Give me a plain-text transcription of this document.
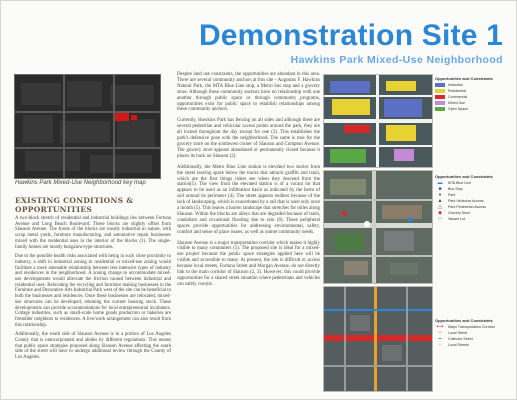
Demonstration Site 1
Hawkins Park Mixed-Use Neighborhood
Hawkins Park Mixed-Use Neighborhood key map
EXISTING CONDITIONS & OPPORTUNITIES

A two-block stretch of residential and industrial buildings lies between Fortuna Avenue and Long Beach Boulevard. These blocks are slightly offset from Slauson Avenue. The fronts of the blocks are mostly industrial in nature, with scrap metal yards, furniture manufacturing, and automotive repair businesses mixed with the residential uses in the interior of the blocks (1). The single-family homes are mostly bungalow-type structures.

Due to the possible health risks associated with being in such close proximity to industry, a shift in industrial zoning to residential or mixed-use zoning would facilitate a more amenable relationship between less intensive types of industry and residences in the neighborhood. A zoning change to accommodate mixed-use developments would alleviate the friction caused between industrial and residential uses. Relocating the recycling and furniture making businesses to the Furniture and Decorative Arts Industrial Park west of the site can be beneficial to both the businesses and residences. Once these businesses are relocated, mixed-use structures can be developed, retaining the current housing stock. These developments can provide accommodations for local entrepreneurial incubators. Cottage industries, such as small-scale home goods production or bakeries are friendlier neighbors to residences. A live/work arrangement can also result from this relationship.

Additionally, the south side of Slauson Avenue is in a portion of Los Angeles County that is unincorporated and abides by different regulations. This means that public space strategies proposed along Slauson Avenue affecting the south side of the street will have to undergo additional review through the County of Los Angeles.

Despite land use constraints, the opportunities are abundant in this area. There are several community anchors at this site - Augustus F. Hawkins Natural Park, the MTA Blue Line stop, a Metro bus stop and a grocery store. Although these community anchors have no relationship with one another through public space or through community programs, opportunities exist for public space to establish relationships among these community anchors.

Currently, Hawkins Park has fencing on all sides and although there are several pedestrian and vehicular access points around the park, they are all locked throughout the day except for one (3). This establishes the park's defensive pose with the neighborhood. The same is true for the grocery store on the southwest corner of Slauson and Compton Avenue. The grocery store appears abandoned or permanently closed because it places its back on Slauson (2).

Additionally, the Metro Blue Line station is elevated two stories from the street leaving space below the tracks that attracts graffiti and trash, which are the first things riders see when they descend from the station(5). The view from the elevated station is of a vacant lot that appears to be used as an infiltration basin as indicated by the berm of soil around its perimeter (4). The street appears endless because of the lack of landscaping, which is exacerbated by a rail that is used only once a month (5). This leaves a barren landscape that stretches for miles along Slauson. Within the blocks are alleys that are degraded because of trash, vandalism and occasional flooding due to rain (6). These peripheral spaces provide opportunities for addressing environmental, safety, comfort and sense of place issues, as well as unmet community needs.

Slauson Avenue is a major transportation corridor which makes it highly visible to many commuters (5). The proposed site is ideal for a mixed-use project because the public space strategies applied here will be visible and accessible to many. At present, the site is difficult to access because local streets, Fortuna Street and Morgan Avenue, do not directly link to the main corridor of Slauson (2, 3). However, this could provide opportunities for a shared street situation where pedestrians and vehicles can safely coexist.

Opportunities and Constraints
Industrial
Residential
Commercial
Mixed Use
Open Space
Opportunities and Constraints
▬	MTA Blue Line
■	Bus Stop
●	Park
▲	Park Vehicular Access
△	Park Pedestrian Access
◆	Grocery Store
□	Vacant Lot
Opportunities and Constraints
⟷	Major Transportation Corridor
━	Local Street
━	Collector Street
╌	Local Streets
